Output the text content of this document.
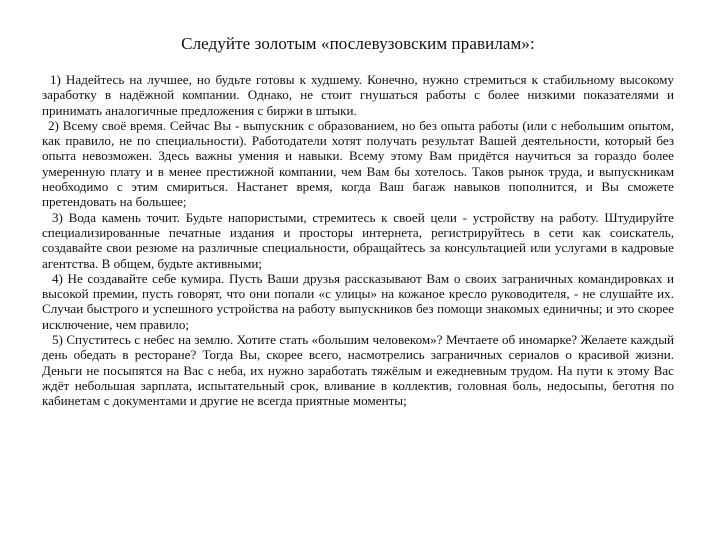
Следуйте золотым «послевузовским правилам»:

1) Надейтесь на лучшее, но будьте готовы к худшему. Конечно, нужно стремиться к стабильному высокому заработку в надёжной компании. Однако, не стоит гнушаться работы с более низкими показателями и принимать аналогичные предложения с биржи в штыки.

2) Всему своё время. Сейчас Вы - выпускник с образованием, но без опыта работы (или с небольшим опытом, как правило, не по специальности). Работодатели хотят получать результат Вашей деятельности, который без опыта невозможен. Здесь важны умения и навыки. Всему этому Вам придётся научиться за гораздо более умеренную плату и в менее престижной компании, чем Вам бы хотелось. Таков рынок труда, и выпускникам необходимо с этим смириться. Настанет время, когда Ваш багаж навыков пополнится, и Вы сможете претендовать на большее;

3) Вода камень точит. Будьте напористыми, стремитесь к своей цели - устройству на работу. Штудируйте специализированные печатные издания и просторы интернета, регистрируйтесь в сети как соискатель, создавайте свои резюме на различные специальности, обращайтесь за консультацией или услугами в кадровые агентства. В общем, будьте активными;

4) Не создавайте себе кумира. Пусть Ваши друзья рассказывают Вам о своих заграничных командировках и высокой премии, пусть говорят, что они попали «с улицы» на кожаное кресло руководителя, - не слушайте их. Случаи быстрого и успешного устройства на работу выпускников без помощи знакомых единичны; и это скорее исключение, чем правило;

5) Спуститесь с небес на землю. Хотите стать «большим человеком»? Мечтаете об иномарке? Желаете каждый день обедать в ресторане? Тогда Вы, скорее всего, насмотрелись заграничных сериалов о красивой жизни. Деньги не посыпятся на Вас с неба, их нужно заработать тяжёлым и ежедневным трудом. На пути к этому Вас ждёт небольшая зарплата, испытательный срок, вливание в коллектив, головная боль, недосыпы, беготня по кабинетам с документами и другие не всегда приятные моменты;
